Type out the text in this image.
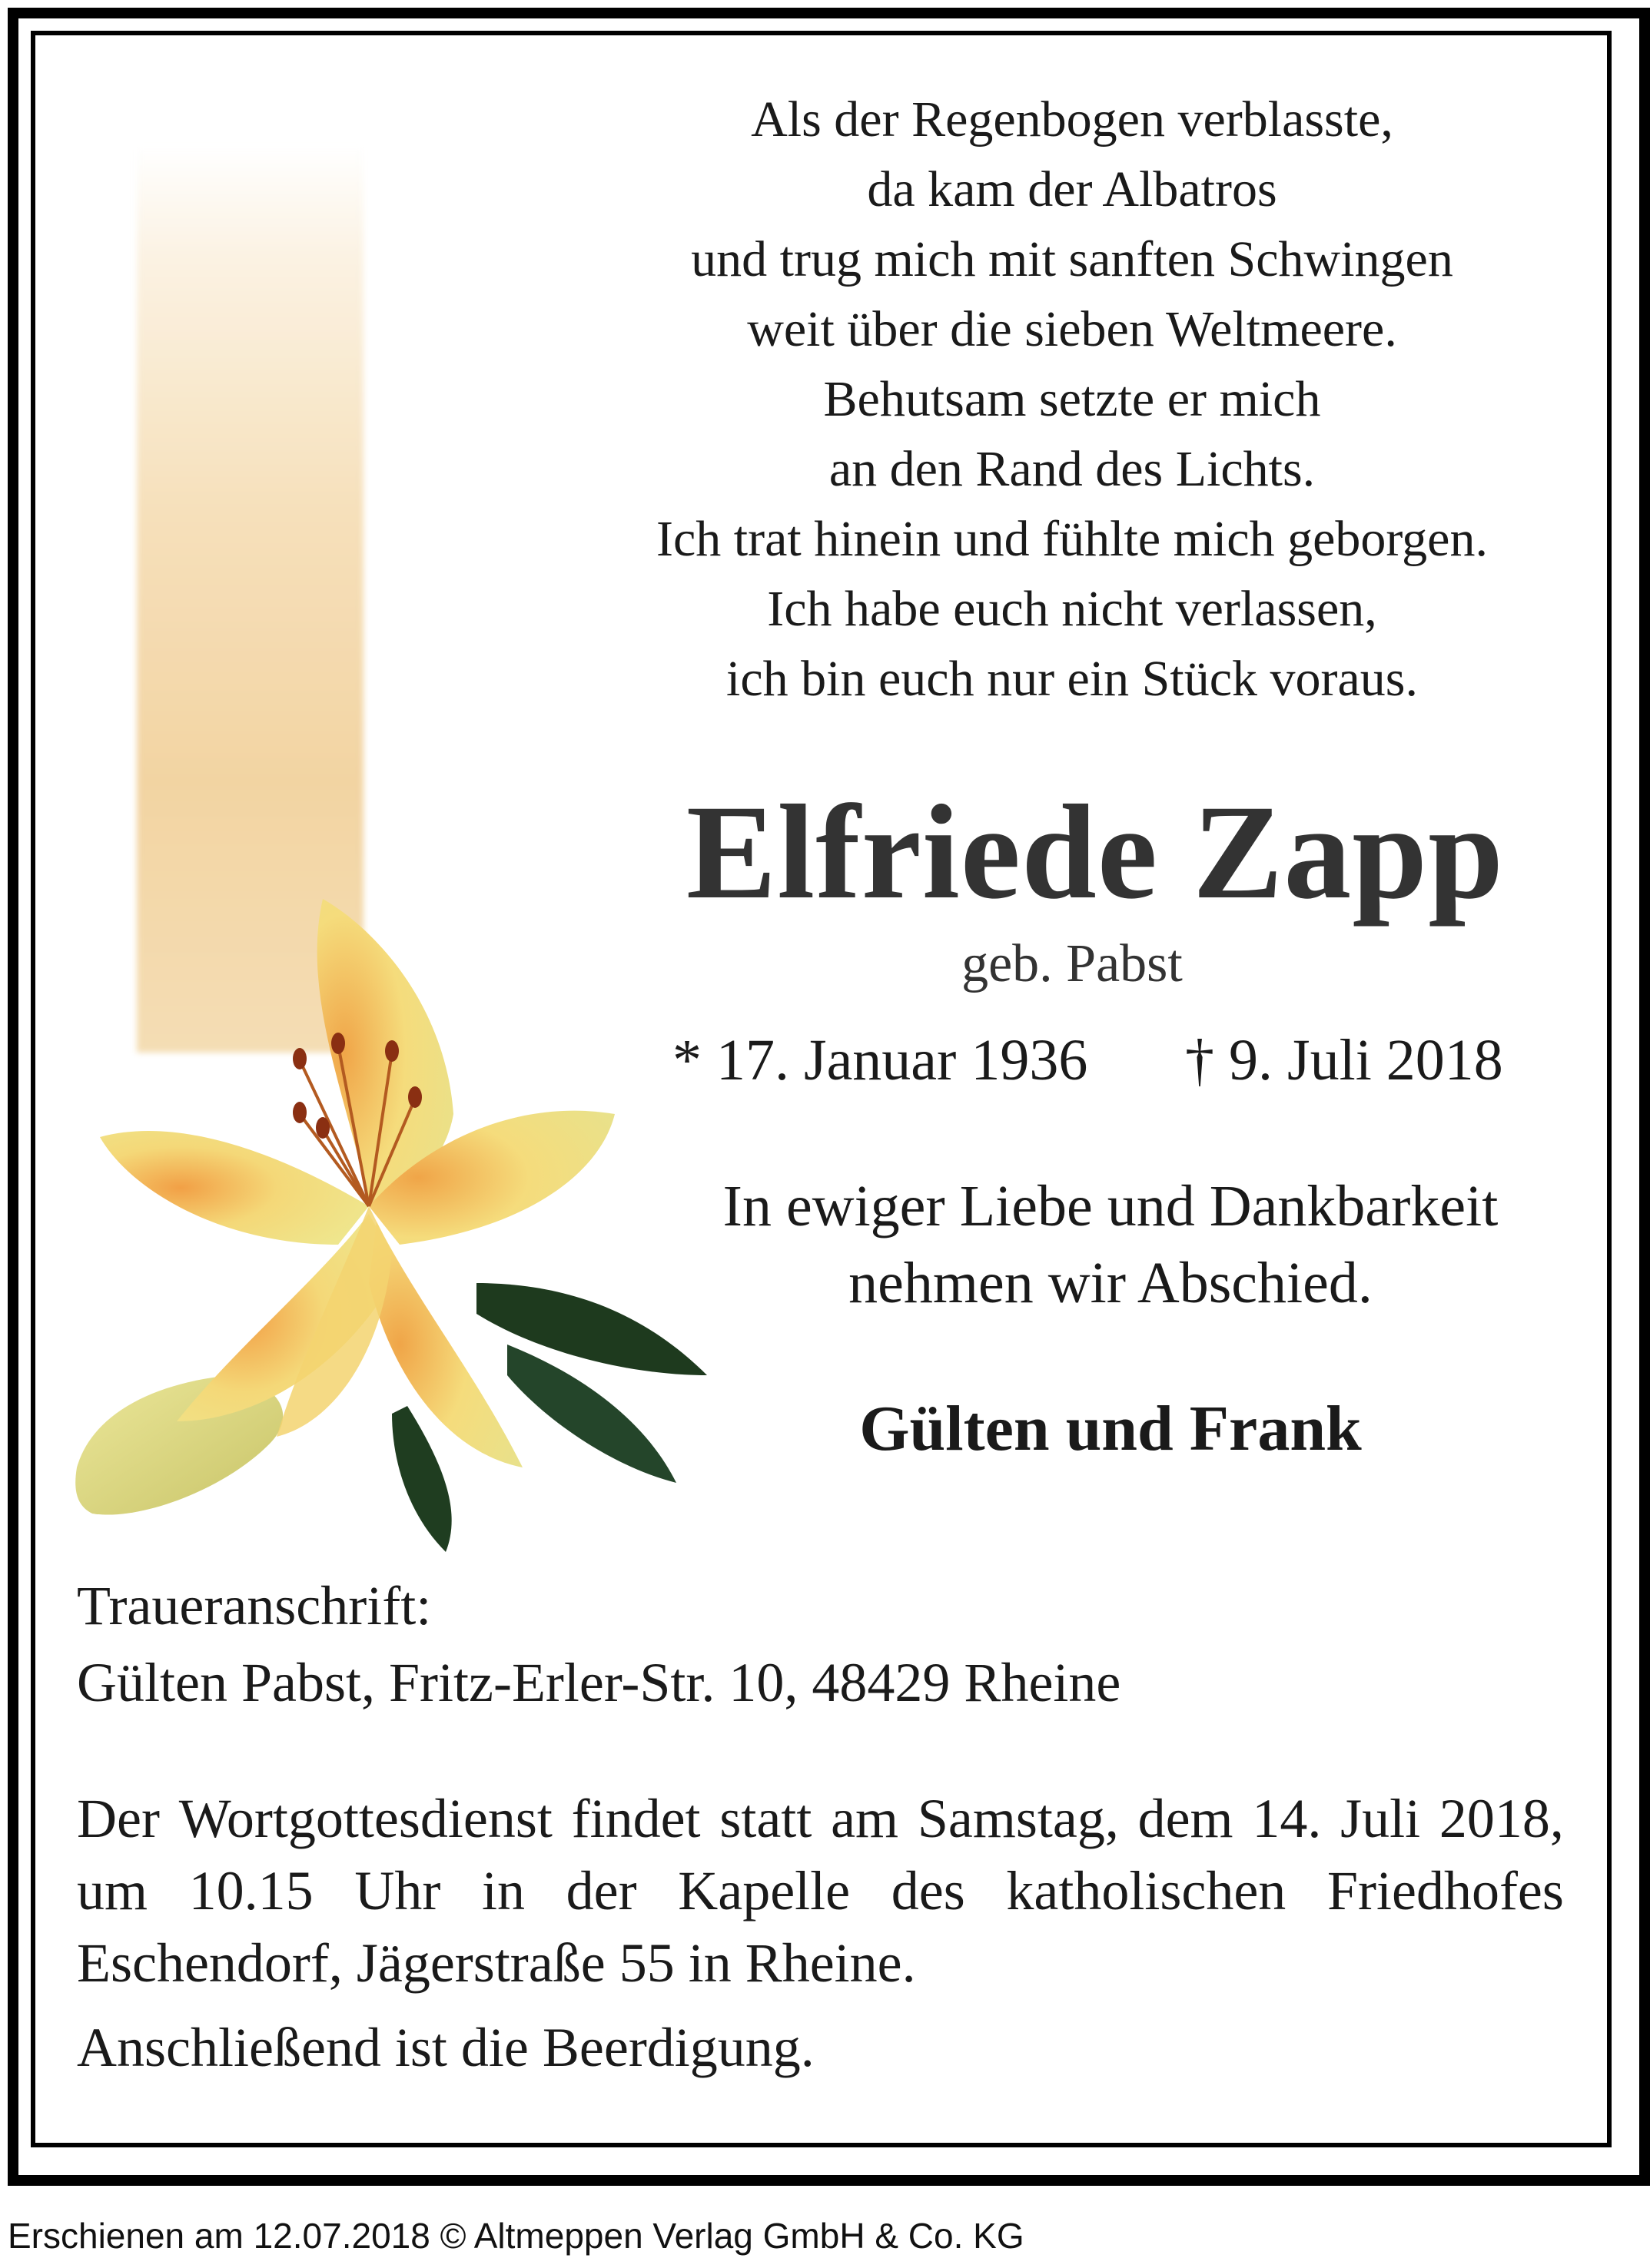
Als der Regenbogen verblasste,
da kam der Albatros
und trug mich mit sanften Schwingen
weit über die sieben Weltmeere.
Behutsam setzte er mich
an den Rand des Lichts.
Ich trat hinein und fühlte mich geborgen.
Ich habe euch nicht verlassen,
ich bin euch nur ein Stück voraus.
Elfriede Zapp
geb. Pabst
* 17. Januar 1936 † 9. Juli 2018
In ewiger Liebe und Dankbarkeit
nehmen wir Abschied.
Gülten und Frank
Traueranschrift:
Gülten Pabst, Fritz-Erler-Str. 10, 48429 Rheine
Der Wortgottesdienst findet statt am Samstag, dem 14. Juli 2018,
um 10.15 Uhr in der Kapelle des katholischen Friedhofes
Eschendorf, Jägerstraße 55 in Rheine.
Anschließend ist die Beerdigung.
Erschienen am 12.07.2018 © Altmeppen Verlag GmbH & Co. KG
